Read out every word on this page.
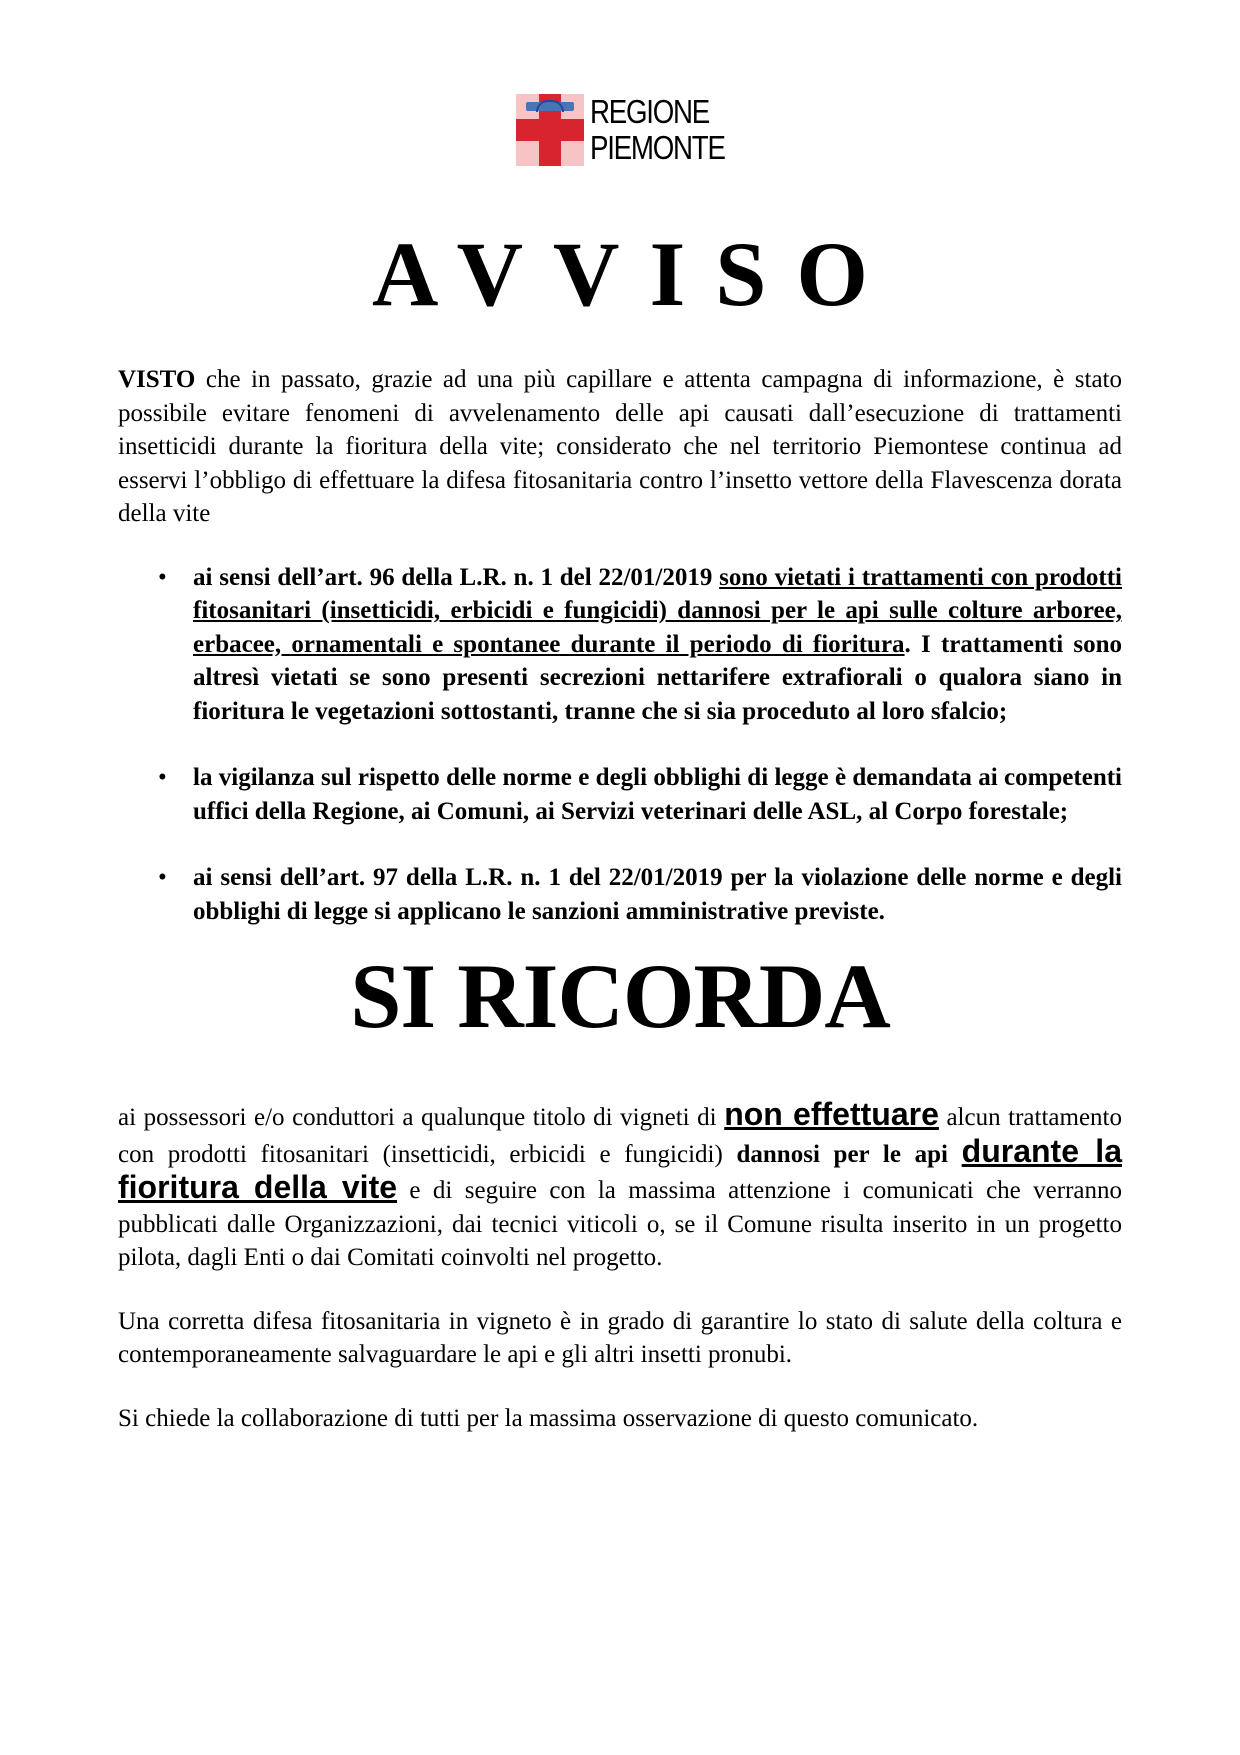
REGIONE
PIEMONTE
AVVISO

VISTO che in passato, grazie ad una più capillare e attenta campagna di informazione, è stato possibile evitare fenomeni di avvelenamento delle api causati dall’esecuzione di trattamenti insetticidi durante la fioritura della vite; considerato che nel territorio Piemontese continua ad esservi l’obbligo di effettuare la difesa fitosanitaria contro l’insetto vettore della Flavescenza dorata della vite

• ai sensi dell’art. 96 della L.R. n. 1 del 22/01/2019 sono vietati i trattamenti con prodotti fitosanitari (insetticidi, erbicidi e fungicidi) dannosi per le api sulle colture arboree, erbacee, ornamentali e spontanee durante il periodo di fioritura. I trattamenti sono altresì vietati se sono presenti secrezioni nettarifere extrafiorali o qualora siano in fioritura le vegetazioni sottostanti, tranne che si sia proceduto al loro sfalcio;
• la vigilanza sul rispetto delle norme e degli obblighi di legge è demandata ai competenti uffici della Regione, ai Comuni, ai Servizi veterinari delle ASL, al Corpo forestale;
• ai sensi dell’art. 97 della L.R. n. 1 del 22/01/2019 per la violazione delle norme e degli obblighi di legge si applicano le sanzioni amministrative previste.
SI RICORDA

ai possessori e/o conduttori a qualunque titolo di vigneti di non effettuare alcun trattamento con prodotti fitosanitari (insetticidi, erbicidi e fungicidi) dannosi per le api durante la fioritura della vite e di seguire con la massima attenzione i comunicati che verranno pubblicati dalle Organizzazioni, dai tecnici viticoli o, se il Comune risulta inserito in un progetto pilota, dagli Enti o dai Comitati coinvolti nel progetto.

Una corretta difesa fitosanitaria in vigneto è in grado di garantire lo stato di salute della coltura e contemporaneamente salvaguardare le api e gli altri insetti pronubi.

Si chiede la collaborazione di tutti per la massima osservazione di questo comunicato.
